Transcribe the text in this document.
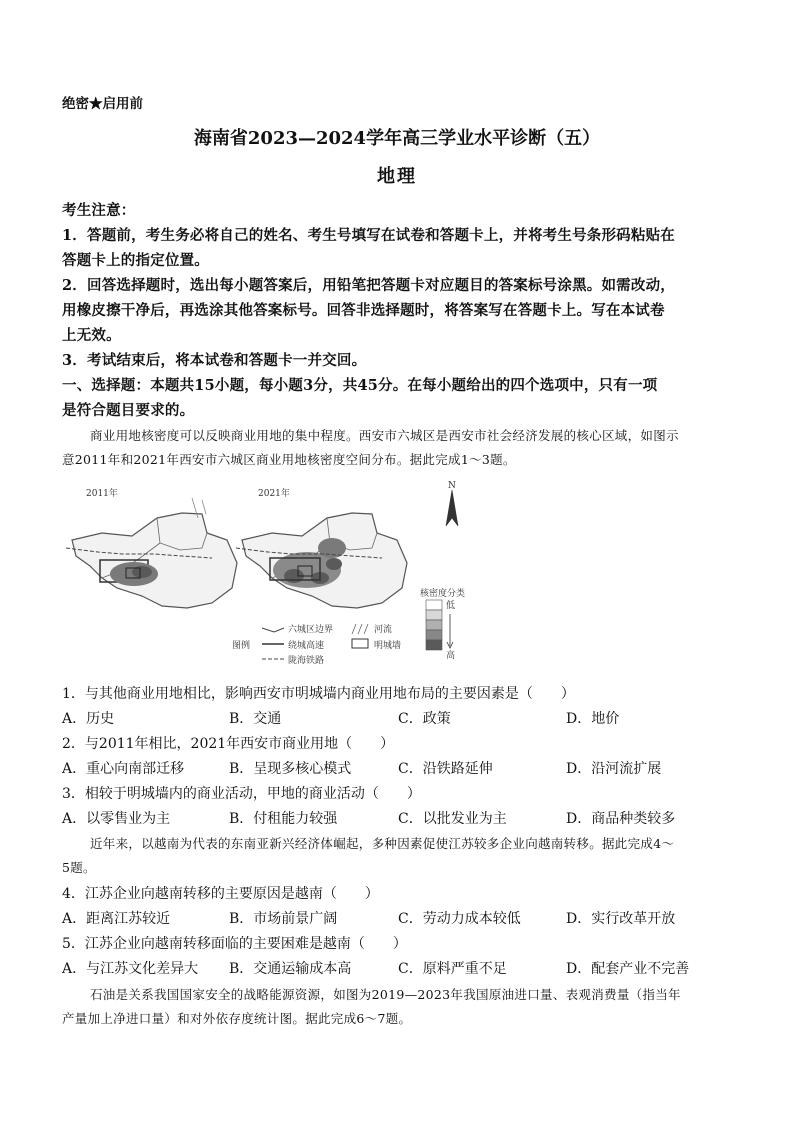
绝密★启用前
海南省2023—2024学年高三学业水平诊断（五）
地理
考生注意：
1．答题前，考生务必将自己的姓名、考生号填写在试卷和答题卡上，并将考生号条形码粘贴在
答题卡上的指定位置。
2．回答选择题时，选出每小题答案后，用铅笔把答题卡对应题目的答案标号涂黑。如需改动，
用橡皮擦干净后，再选涂其他答案标号。回答非选择题时，将答案写在答题卡上。写在本试卷
上无效。
3．考试结束后，将本试卷和答题卡一并交回。
一、选择题：本题共15小题，每小题3分，共45分。在每小题给出的四个选项中，只有一项
是符合题目要求的。
商业用地核密度可以反映商业用地的集中程度。西安市六城区是西安市社会经济发展的核心区域，如图示
意2011年和2021年西安市六城区商业用地核密度空间分布。据此完成1～3题。
2011年	2021年
N
核密度分类
低
高
图例
六城区边界
绕城高速
陇海铁路
河流
明城墙
1．与其他商业用地相比，影响西安市明城墙内商业用地布局的主要因素是（　　）
A．历史	B．交通	C．政策	D．地价
2．与2011年相比，2021年西安市商业用地（　　）
A．重心向南部迁移	B．呈现多核心模式	C．沿铁路延伸	D．沿河流扩展
3．相较于明城墙内的商业活动，甲地的商业活动（　　）
A．以零售业为主	B．付租能力较强	C．以批发业为主	D．商品种类较多
近年来，以越南为代表的东南亚新兴经济体崛起，多种因素促使江苏较多企业向越南转移。据此完成4～
5题。
4．江苏企业向越南转移的主要原因是越南（　　）
A．距离江苏较近	B．市场前景广阔	C．劳动力成本较低	D．实行改革开放
5．江苏企业向越南转移面临的主要困难是越南（　　）
A．与江苏文化差异大 B．交通运输成本高	C．原料严重不足	D．配套产业不完善
石油是关系我国国家安全的战略能源资源，如图为2019—2023年我国原油进口量、表观消费量（指当年
产量加上净进口量）和对外依存度统计图。据此完成6～7题。
